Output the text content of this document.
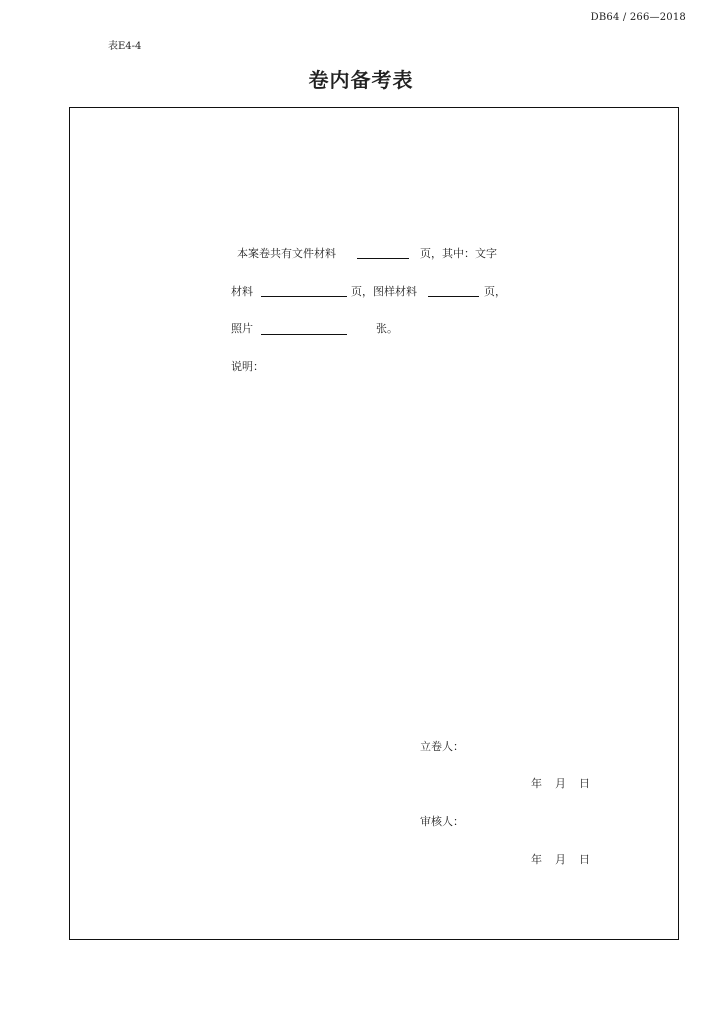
DB64 / 266—2018
表E4-4
卷内备考表
本案卷共有文件材料	页，其中：文字
材料	页，图样材料	页，
照片	张。
说明：
立卷人：
年 月 日
审核人：
年 月 日
